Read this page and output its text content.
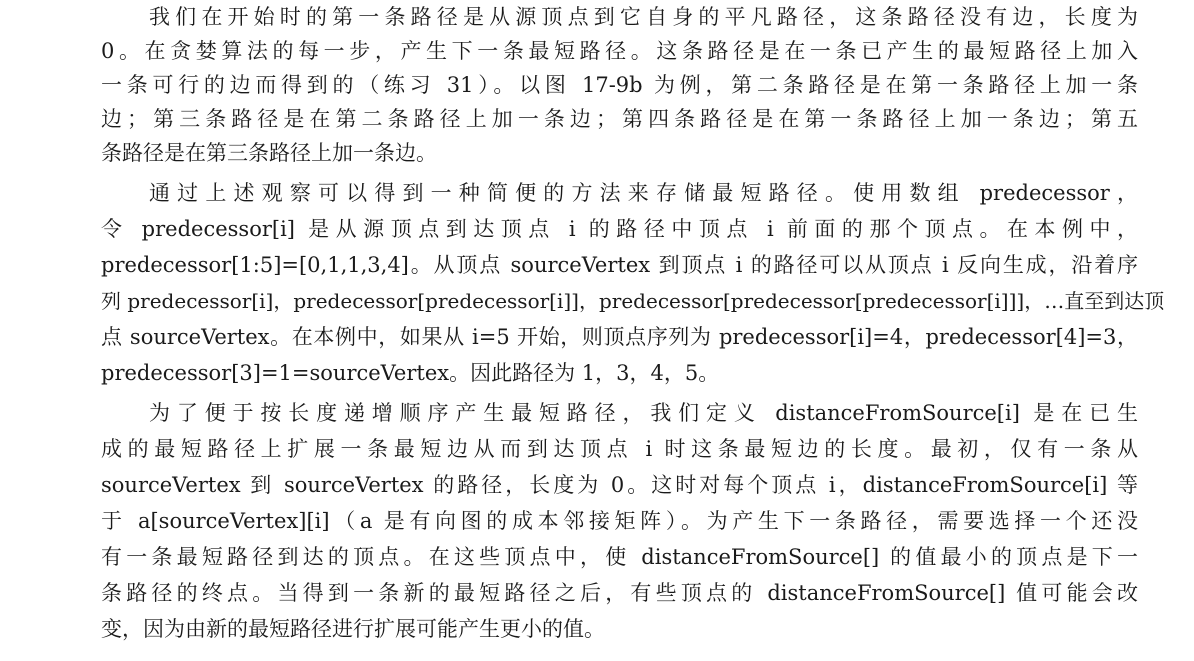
我们在开始时的第一条路径是从源顶点到它自身的平凡路径，这条路径没有边，长度为
0。在贪婪算法的每一步，产生下一条最短路径。这条路径是在一条已产生的最短路径上加入
一条可行的边而得到的（练习 31）。以图 17-9b 为例，第二条路径是在第一条路径上加一条
边；第三条路径是在第二条路径上加一条边；第四条路径是在第一条路径上加一条边；第五
条路径是在第三条路径上加一条边。
通过上述观察可以得到一种简便的方法来存储最短路径。使用数组 predecessor，
令 predecessor[i] 是从源顶点到达顶点 i 的路径中顶点 i 前面的那个顶点。在本例中，
predecessor[1:5]=[0,1,1,3,4]。从顶点 sourceVertex 到顶点 i 的路径可以从顶点 i 反向生成，沿着序
列 predecessor[i]，predecessor[predecessor[i]]，predecessor[predecessor[predecessor[i]]]，…直至到达顶
点 sourceVertex。在本例中，如果从 i=5 开始，则顶点序列为 predecessor[i]=4，predecessor[4]=3，
predecessor[3]=1=sourceVertex。因此路径为 1，3，4，5。
为了便于按长度递增顺序产生最短路径，我们定义 distanceFromSource[i] 是在已生
成的最短路径上扩展一条最短边从而到达顶点 i 时这条最短边的长度。最初，仅有一条从
sourceVertex 到 sourceVertex 的路径，长度为 0。这时对每个顶点 i，distanceFromSource[i] 等
于 a[sourceVertex][i]（a 是有向图的成本邻接矩阵）。为产生下一条路径，需要选择一个还没
有一条最短路径到达的顶点。在这些顶点中，使 distanceFromSource[] 的值最小的顶点是下一
条路径的终点。当得到一条新的最短路径之后，有些顶点的 distanceFromSource[] 值可能会改
变，因为由新的最短路径进行扩展可能产生更小的值。
